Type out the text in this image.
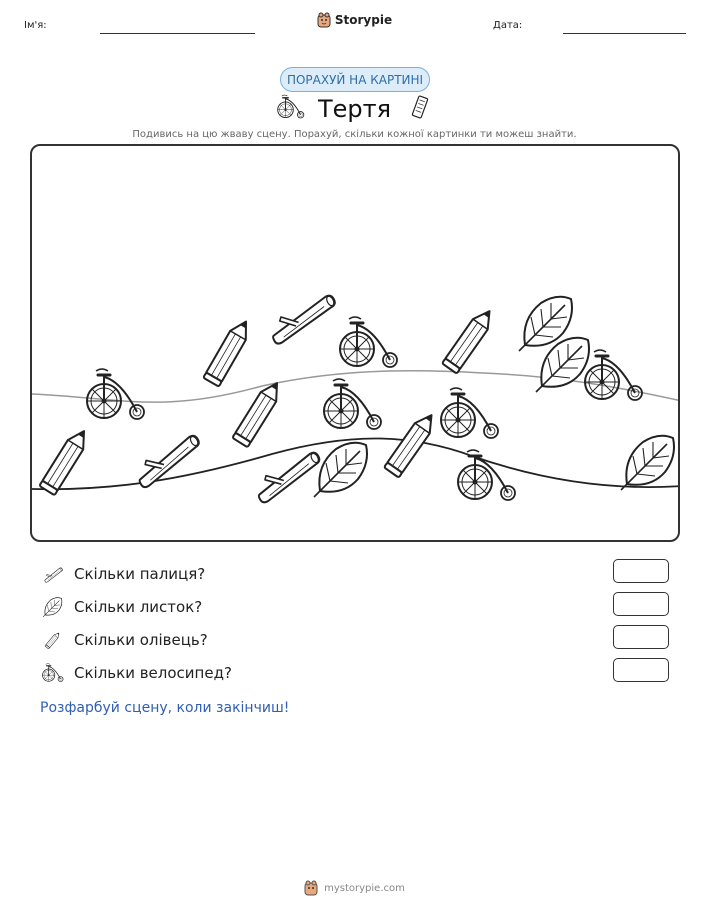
Ім'я:	Storypie	Дата:
ПОРАХУЙ НА КАРТИНІ
Тертя
Подивись на цю жваву сцену. Порахуй, скільки кожної картинки ти можеш знайти.
Скільки палиця?
Скільки листок?
Скільки олівець?
Скільки велосипед?
Розфарбуй сцену, коли закінчиш!
mystorypie.com
